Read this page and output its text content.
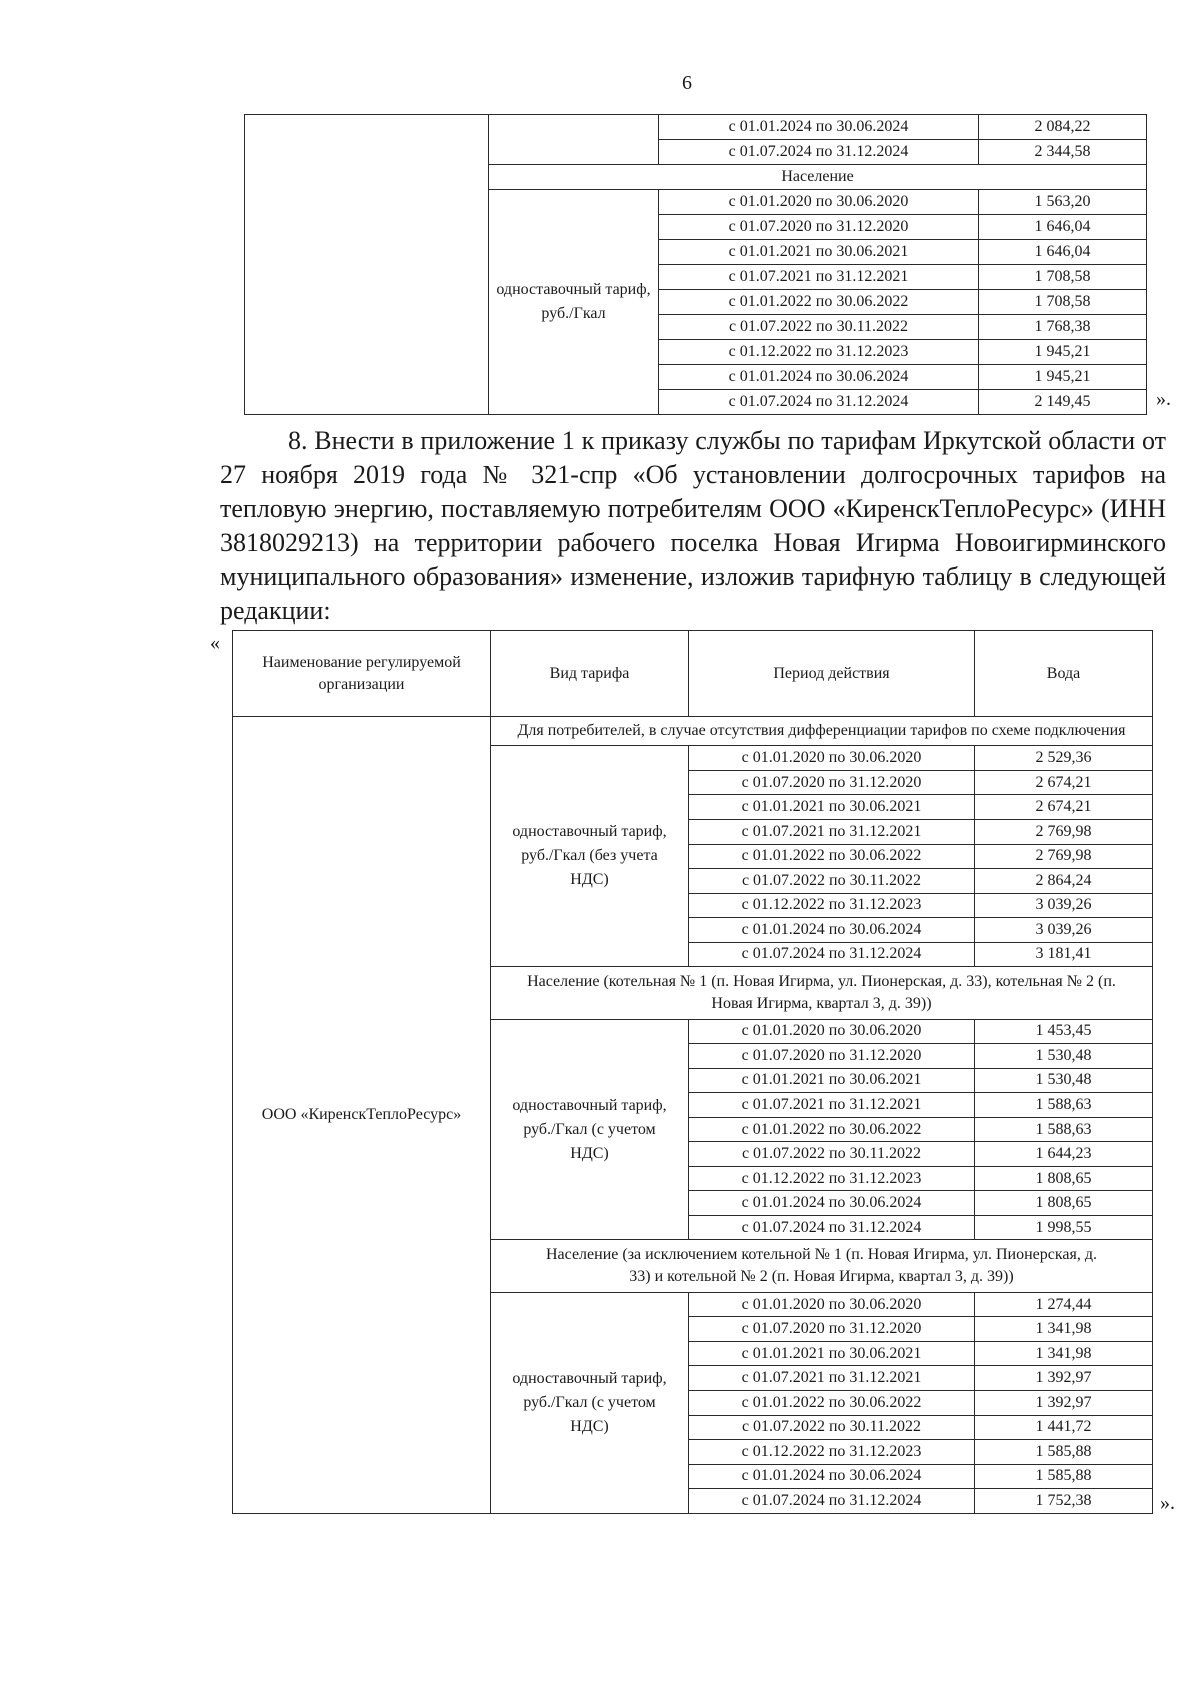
6
		с 01.01.2024 по 30.06.2024	2 084,22
		с 01.07.2024 по 31.12.2024	2 344,58
	Население		
	одноставочный тариф, руб./Гкал	с 01.01.2020 по 30.06.2020	1 563,20
		с 01.07.2020 по 31.12.2020	1 646,04
		с 01.01.2021 по 30.06.2021	1 646,04
		с 01.07.2021 по 31.12.2021	1 708,58
		с 01.01.2022 по 30.06.2022	1 708,58
		с 01.07.2022 по 30.11.2022	1 768,38
		с 01.12.2022 по 31.12.2023	1 945,21
		с 01.01.2024 по 30.06.2024	1 945,21
		с 01.07.2024 по 31.12.2024	2 149,45	».

8. Внести в приложение 1 к приказу службы по тарифам Иркутской области от 27 ноября 2019 года № 321-спр «Об установлении долгосрочных тарифов на тепловую энергию, поставляемую потребителям ООО «КиренскТеплоРесурс» (ИНН 3818029213) на территории рабочего поселка Новая Игирма Новоигирминского муниципального образования» изменение, изложив тарифную таблицу в следующей редакции:

«
Наименование регулируемой организации	Вид тарифа	Период действия	Вода
ООО «КиренскТеплоРесурс»	Для потребителей, в случае отсутствия дифференциации тарифов по схеме подключения		
	одноставочный тариф, руб./Гкал (без учета НДС)	с 01.01.2020 по 30.06.2020	2 529,36
		с 01.07.2020 по 31.12.2020	2 674,21
		с 01.01.2021 по 30.06.2021	2 674,21
		с 01.07.2021 по 31.12.2021	2 769,98
		с 01.01.2022 по 30.06.2022	2 769,98
		с 01.07.2022 по 30.11.2022	2 864,24
		с 01.12.2022 по 31.12.2023	3 039,26
		с 01.01.2024 по 30.06.2024	3 039,26
		с 01.07.2024 по 31.12.2024	3 181,41
	Население (котельная № 1 (п. Новая Игирма, ул. Пионерская, д. 33), котельная № 2 (п. Новая Игирма, квартал 3, д. 39))		
	одноставочный тариф, руб./Гкал (с учетом НДС)	с 01.01.2020 по 30.06.2020	1 453,45
		с 01.07.2020 по 31.12.2020	1 530,48
		с 01.01.2021 по 30.06.2021	1 530,48
		с 01.07.2021 по 31.12.2021	1 588,63
		с 01.01.2022 по 30.06.2022	1 588,63
		с 01.07.2022 по 30.11.2022	1 644,23
		с 01.12.2022 по 31.12.2023	1 808,65
		с 01.01.2024 по 30.06.2024	1 808,65
		с 01.07.2024 по 31.12.2024	1 998,55
	Население (за исключением котельной № 1 (п. Новая Игирма, ул. Пионерская, д. 33) и котельной № 2 (п. Новая Игирма, квартал 3, д. 39))		
	одноставочный тариф, руб./Гкал (с учетом НДС)	с 01.01.2020 по 30.06.2020	1 274,44
		с 01.07.2020 по 31.12.2020	1 341,98
		с 01.01.2021 по 30.06.2021	1 341,98
		с 01.07.2021 по 31.12.2021	1 392,97
		с 01.01.2022 по 30.06.2022	1 392,97
		с 01.07.2022 по 30.11.2022	1 441,72
		с 01.12.2022 по 31.12.2023	1 585,88
		с 01.01.2024 по 30.06.2024	1 585,88
		с 01.07.2024 по 31.12.2024	1 752,38	».
